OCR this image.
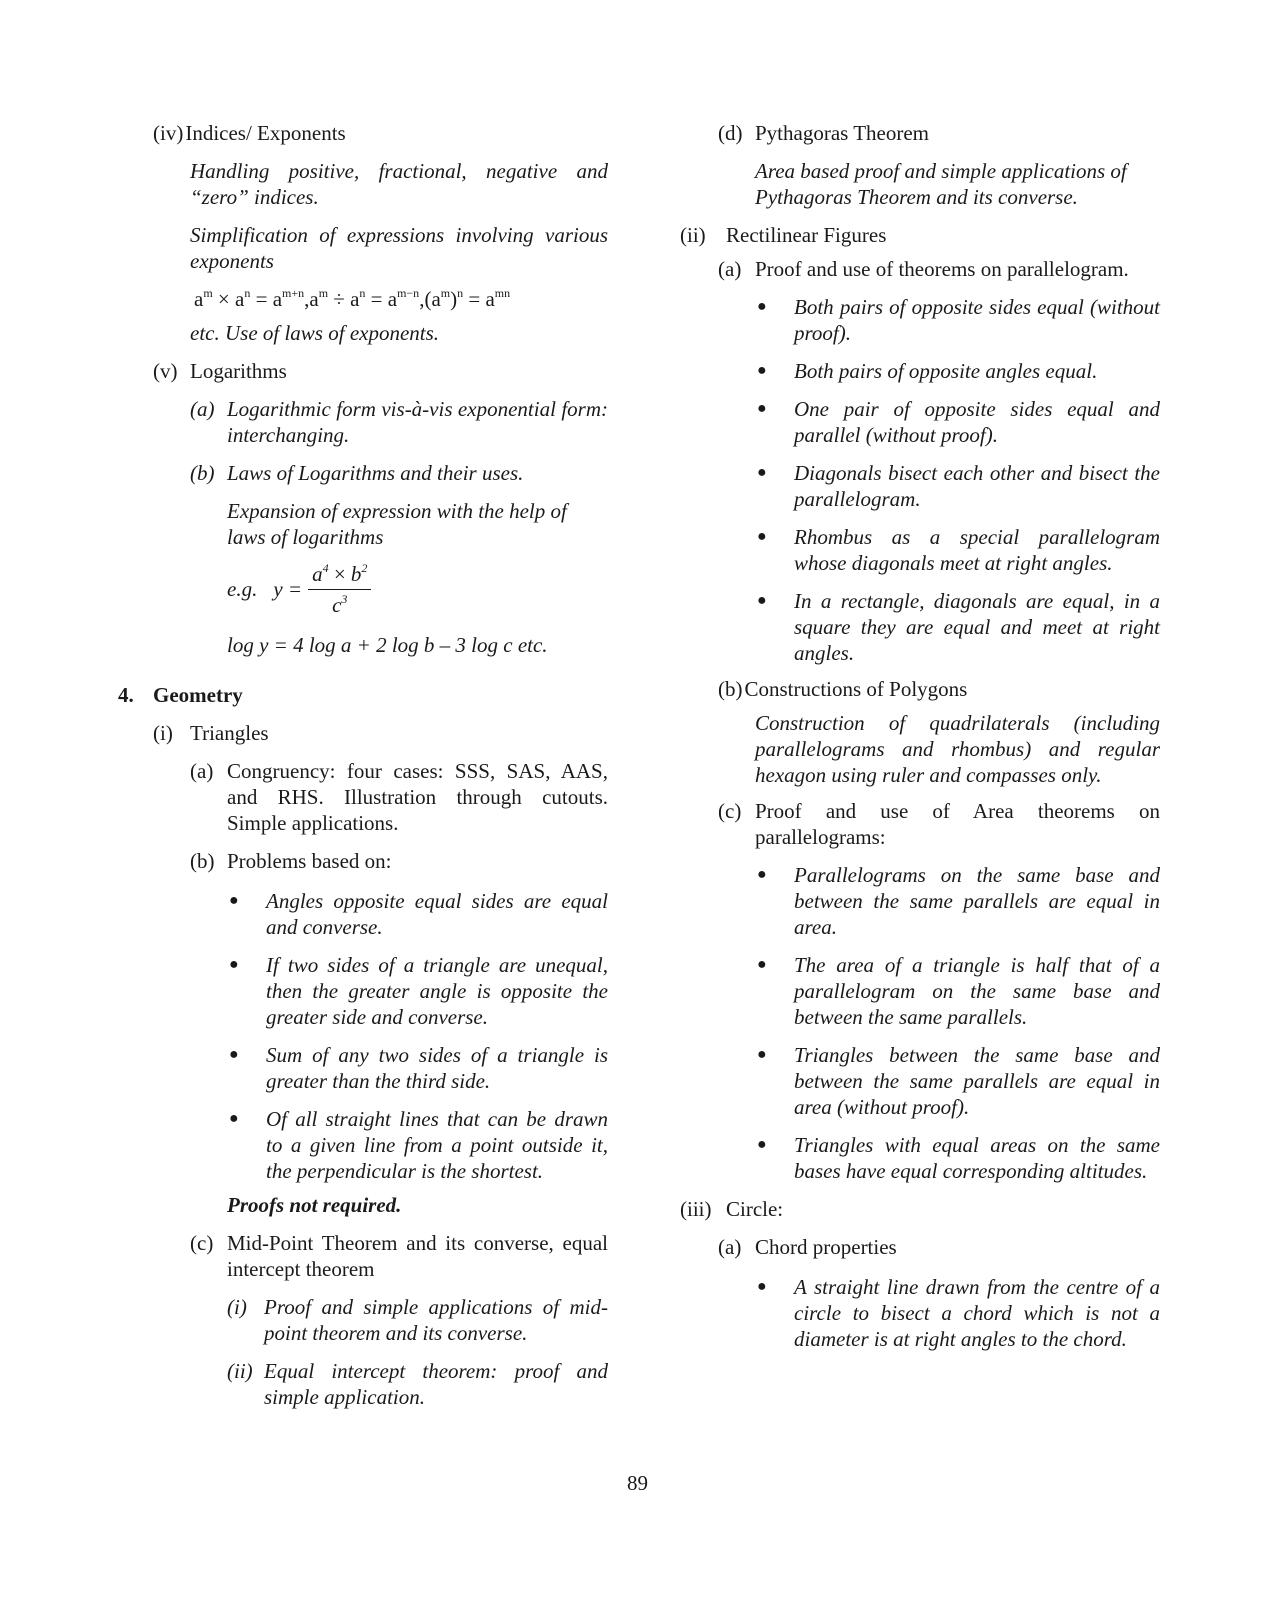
(iv) Indices/ Exponents

Handling positive, fractional, negative and “zero” indices.

Simplification of expressions involving various exponents

$a^m \times a^n = a^{m+n},a^m \div a^n = a^{m-n},(a^m)^n = a^{mn}$

etc. Use of laws of exponents.

(v) Logarithms
(a) Logarithmic form vis-à-vis exponential form: interchanging.
(b) Laws of Logarithms and their uses.

Expansion of expression with the help of laws of logarithms

e.g. $y = \frac{a^4 \times b^2}{c^3}$

log y = 4 log a + 2 log b – 3 log c etc.

4. Geometry
(i) Triangles
(a) Congruency: four cases: SSS, SAS, AAS, and RHS. Illustration through cutouts. Simple applications.
(b) Problems based on:
●	Angles opposite equal sides are equal and converse.
●	If two sides of a triangle are unequal, then the greater angle is opposite the greater side and converse.
●	Sum of any two sides of a triangle is greater than the third side.
●	Of all straight lines that can be drawn to a given line from a point outside it, the perpendicular is the shortest.

Proofs not required.

(c) Mid-Point Theorem and its converse, equal intercept theorem
(i) Proof and simple applications of mid-point theorem and its converse.
(ii) Equal intercept theorem: proof and simple application.
(d) Pythagoras Theorem

Area based proof and simple applications of Pythagoras Theorem and its converse.

(ii) Rectilinear Figures
(a) Proof and use of theorems on parallelogram.
●	Both pairs of opposite sides equal (without proof).
●	Both pairs of opposite angles equal.
●	One pair of opposite sides equal and parallel (without proof).
●	Diagonals bisect each other and bisect the parallelogram.
●	Rhombus as a special parallelogram whose diagonals meet at right angles.
●	In a rectangle, diagonals are equal, in a square they are equal and meet at right angles.
(b) Constructions of Polygons

Construction of quadrilaterals (including parallelograms and rhombus) and regular hexagon using ruler and compasses only.

(c) Proof and use of Area theorems on parallelograms:
●	Parallelograms on the same base and between the same parallels are equal in area.
●	The area of a triangle is half that of a parallelogram on the same base and between the same parallels.
●	Triangles between the same base and between the same parallels are equal in area (without proof).
●	Triangles with equal areas on the same bases have equal corresponding altitudes.
(iii) Circle:
(a) Chord properties
●	A straight line drawn from the centre of a circle to bisect a chord which is not a diameter is at right angles to the chord.
89
